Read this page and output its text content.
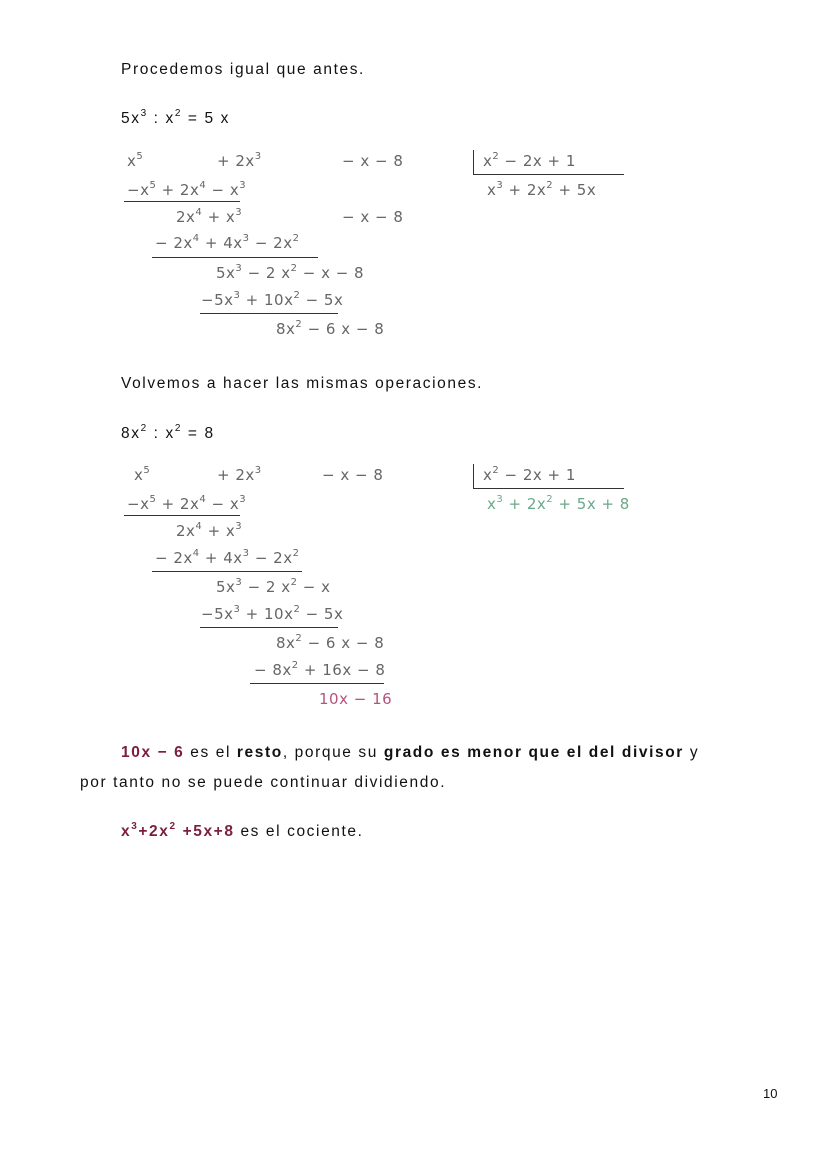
Procedemos igual que antes.
$5x^3$ : $x^2 = 5$ x
$x^5$	+ $2x^3$	− x − 8	$x^2 - 2x + 1$
$x^3 + 2x^2 + 5x$
$-x^5 + 2x^4 - x^3$
$2x^4 + x^3$	− x − 8
− $2x^4 + 4x^3 - 2x^2$
$5x^3 - 2$ $x^2 - x - 8$
$-5x^3 + 10x^2 - 5x$
$8x^2 - 6$ x − 8
Volvemos a hacer las mismas operaciones.
$8x^2$ : $x^2 = 8$
$x^5$	+ $2x^3$	− x − 8	$x^2 - 2x + 1$
$x^3 + 2x^2 + 5x + 8$
$-x^5 + 2x^4 - x^3$
$2x^4 + x^3$
− $2x^4 + 4x^3 - 2x^2$
$5x^3 - 2$ $x^2 - x$
$-5x^3 + 10x^2 - 5x$
$8x^2 - 6$ x − 8
− $8x^2 + 16x - 8$
10x − 16
10x − 6 es el resto, porque su grado es menor que el del divisor y
por tanto no se puede continuar dividiendo.
$x^3+2x^2 +5x+8$ es el cociente.
10
